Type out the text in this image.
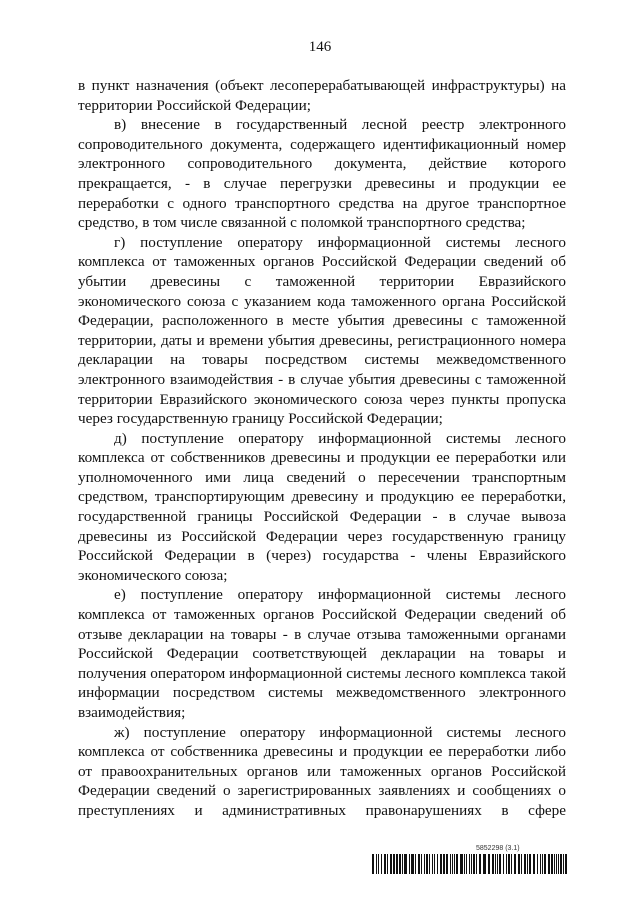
146

в пункт назначения (объект лесоперерабатывающей инфраструктуры) на территории Российской Федерации;

в) внесение в государственный лесной реестр электронного сопроводительного документа, содержащего идентификационный номер электронного сопроводительного документа, действие которого прекращается, - в случае перегрузки древесины и продукции ее переработки с одного транспортного средства на другое транспортное средство, в том числе связанной с поломкой транспортного средства;

г) поступление оператору информационной системы лесного комплекса от таможенных органов Российской Федерации сведений об убытии древесины с таможенной территории Евразийского экономического союза с указанием кода таможенного органа Российской Федерации, расположенного в месте убытия древесины с таможенной территории, даты и времени убытия древесины, регистрационного номера декларации на товары посредством системы межведомственного электронного взаимодействия - в случае убытия древесины с таможенной территории Евразийского экономического союза через пункты пропуска через государственную границу Российской Федерации;

д) поступление оператору информационной системы лесного комплекса от собственников древесины и продукции ее переработки или уполномоченного ими лица сведений о пересечении транспортным средством, транспортирующим древесину и продукцию ее переработки, государственной границы Российской Федерации - в случае вывоза древесины из Российской Федерации через государственную границу Российской Федерации в (через) государства - члены Евразийского экономического союза;

е) поступление оператору информационной системы лесного комплекса от таможенных органов Российской Федерации сведений об отзыве декларации на товары - в случае отзыва таможенными органами Российской Федерации соответствующей декларации на товары и получения оператором информационной системы лесного комплекса такой информации посредством системы межведомственного электронного взаимодействия;

ж) поступление оператору информационной системы лесного комплекса от собственника древесины и продукции ее переработки либо от правоохранительных органов или таможенных органов Российской Федерации сведений о зарегистрированных заявлениях и сообщениях о преступлениях и административных правонарушениях в сфере

5852298 (3.1)
